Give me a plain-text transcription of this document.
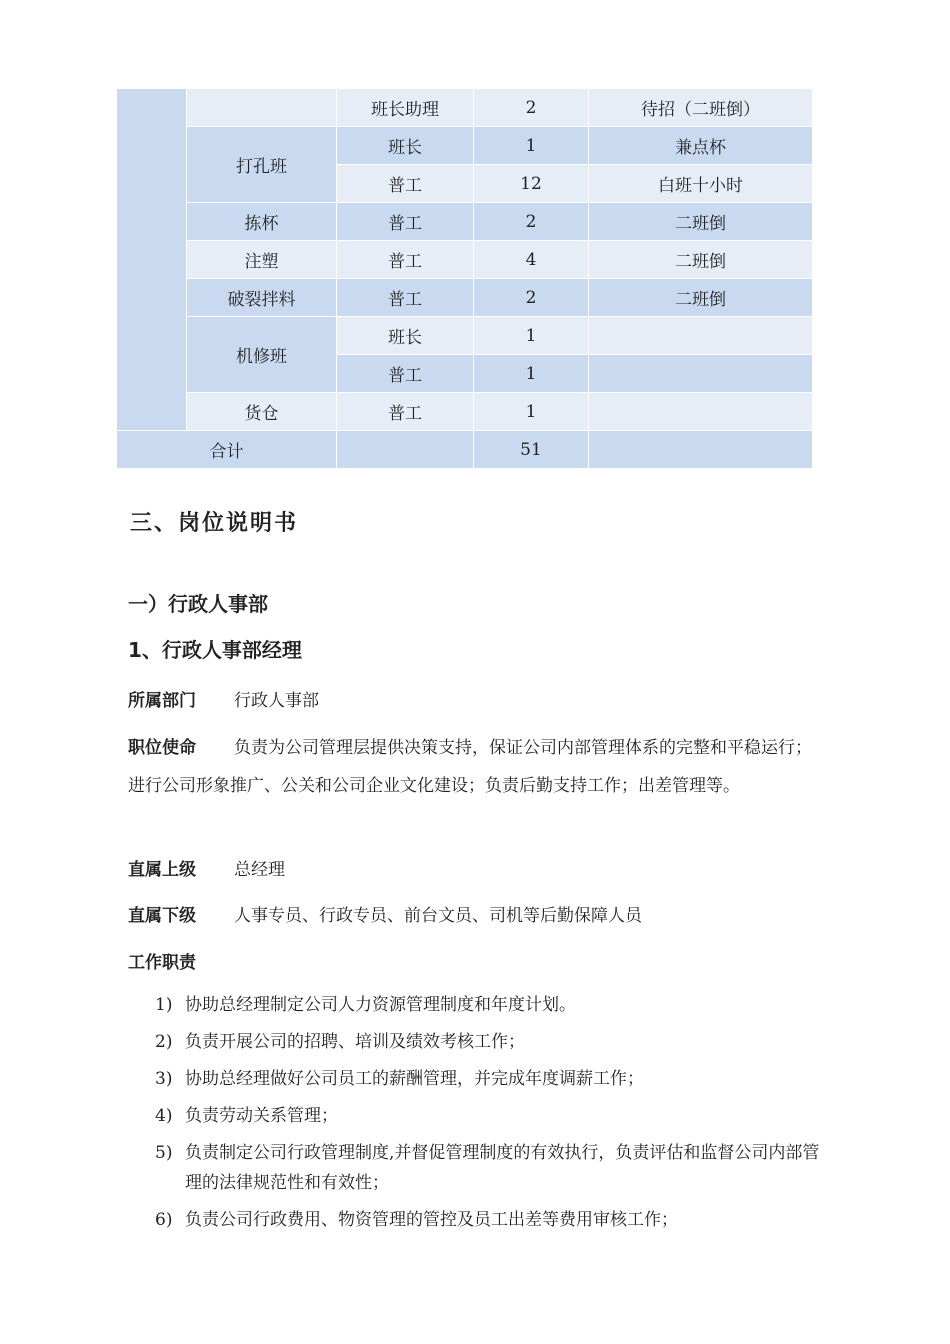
		班长助理	2	待招（二班倒）
	打孔班	班长	1	兼点杯
		普工	12	白班十小时
	拣杯	普工	2	二班倒
	注塑	普工	4	二班倒
	破裂拌料	普工	2	二班倒
	机修班	班长	1	
		普工	1	
	货仓	普工	1	
合计			51	
三、岗位说明书
一）行政人事部
1、行政人事部经理

所属部门 行政人事部

职位使命 负责为公司管理层提供决策支持，保证公司内部管理体系的完整和平稳运行；进行公司形象推广、公关和公司企业文化建设；负责后勤支持工作；出差管理等。

直属上级 总经理

直属下级 人事专员、行政专员、前台文员、司机等后勤保障人员

工作职责

1) 协助总经理制定公司人力资源管理制度和年度计划。
2) 负责开展公司的招聘、培训及绩效考核工作；
3) 协助总经理做好公司员工的薪酬管理，并完成年度调薪工作；
4) 负责劳动关系管理；
5) 负责制定公司行政管理制度,并督促管理制度的有效执行，负责评估和监督公司内部管理的法律规范性和有效性；
6) 负责公司行政费用、物资管理的管控及员工出差等费用审核工作；
